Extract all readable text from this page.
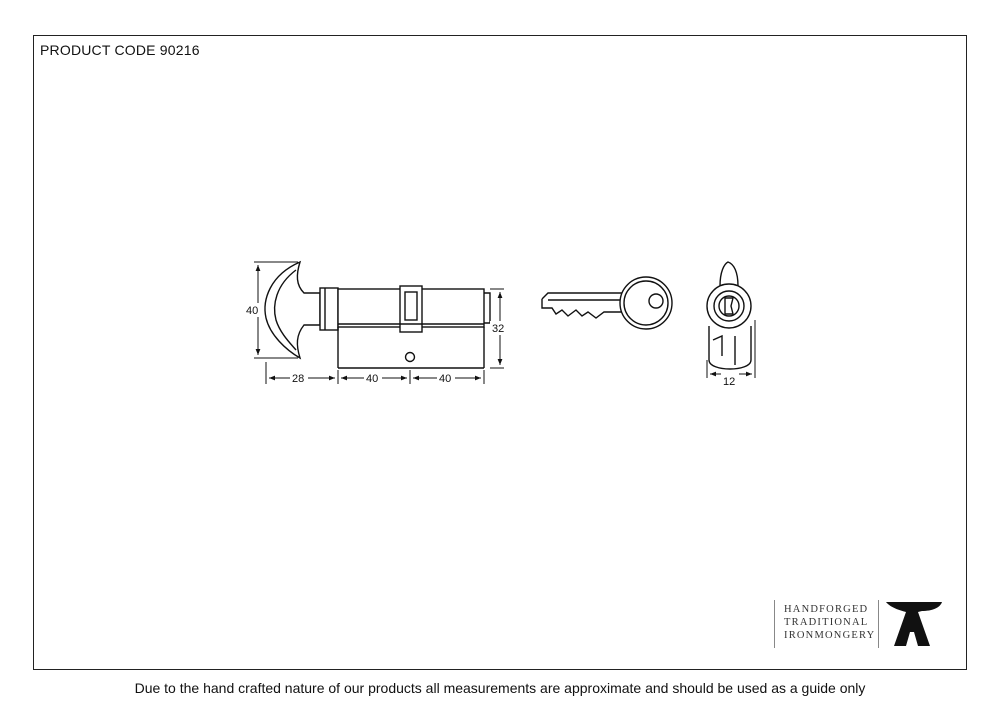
PRODUCT CODE 90216
40
32
28	40	40	12
HANDFORGED
TRADITIONAL
IRONMONGERY
Due to the hand crafted nature of our products all measurements are approximate and should be used as a guide only
